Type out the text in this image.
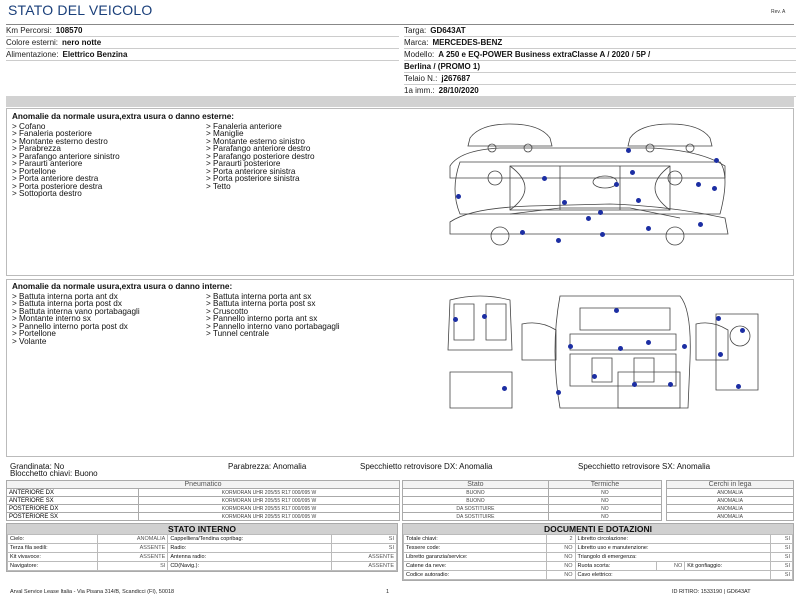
STATO DEL VEICOLO	Rev. A
Km Percorsi: 108570
Colore esterni: nero notte
Alimentazione: Elettrico Benzina
Targa: GD643AT
Marca: MERCEDES-BENZ
Modello: A 250 e EQ-POWER Business extraClasse A / 2020 / 5P /
Berlina / (PROMO 1)
Telaio N.: j267687
1a imm.: 28/10/2020
Anomalie da normale usura,extra usura o danno esterne:
> Cofano
> Fanaleria posteriore
> Montante esterno destro
> Parabrezza
> Parafango anteriore sinistro
> Paraurti anteriore
> Portellone
> Porta anteriore destra
> Porta posteriore destra
> Sottoporta destro
> Fanaleria anteriore
> Maniglie
> Montante esterno sinistro
> Parafango anteriore destro
> Parafango posteriore destro
> Paraurti posteriore
> Porta anteriore sinistra
> Porta posteriore sinistra
> Tetto
Anomalie da normale usura,extra usura o danno interne:
> Battuta interna porta ant dx
> Battuta interna porta post dx
> Battuta interna vano portabagagli
> Montante interno sx
> Pannello interno porta post dx
> Portellone
> Volante
> Battuta interna porta ant sx
> Battuta interna porta post sx
> Cruscotto
> Pannello interno porta ant sx
> Pannello interno vano portabagagli
> Tunnel centrale
Grandinata: No
Blocchetto chiavi: Buono
Parabrezza: Anomalia	Specchietto retrovisore DX: Anomalia	Specchietto retrovisore SX: Anomalia
Pneumatico	
ANTERIORE DX	KORMORAN UHR 205/55 R17 000/095 W
ANTERIORE SX	KORMORAN UHR 205/55 R17 000/095 W
POSTERIORE DX	KORMORAN UHR 205/55 R17 000/095 W
POSTERIORE SX	KORMORAN UHR 205/55 R17 000/095 W
Stato	Termiche
BUONO	NO
BUONO	NO
DA SOSTITUIRE	NO
DA SOSTITUIRE	NO
Cerchi in lega
ANOMALIA
ANOMALIA
ANOMALIA
ANOMALIA
STATO INTERNO
Cielo:	ANOMALIA	Cappelliera/Tendina copribag:	SI
Terza fila sedili:	ASSENTE	Radio:	SI
Kit vivavoce:	ASSENTE	Antenna radio:	ASSENTE
Navigatore:	SI	CD(Navig.):	ASSENTE
DOCUMENTI E DOTAZIONI
Totale chiavi:	2	Libretto circolazione:			SI
Tessere code:	NO	Libretto uso e manutenzione:			SI
Libretto garanzia/service:	NO	Triangolo di emergenza:			SI
Catene da neve:	NO	Ruota scorta:	NO	Kit gonfiaggio:	SI
Codice autoradio:	NO	Cavo elettrico:			SI
Arval Service Lease Italia - Via Pisana 314/B, Scandicci (FI), 50018	1	ID RITIRO: 1533190 | GD643AT
